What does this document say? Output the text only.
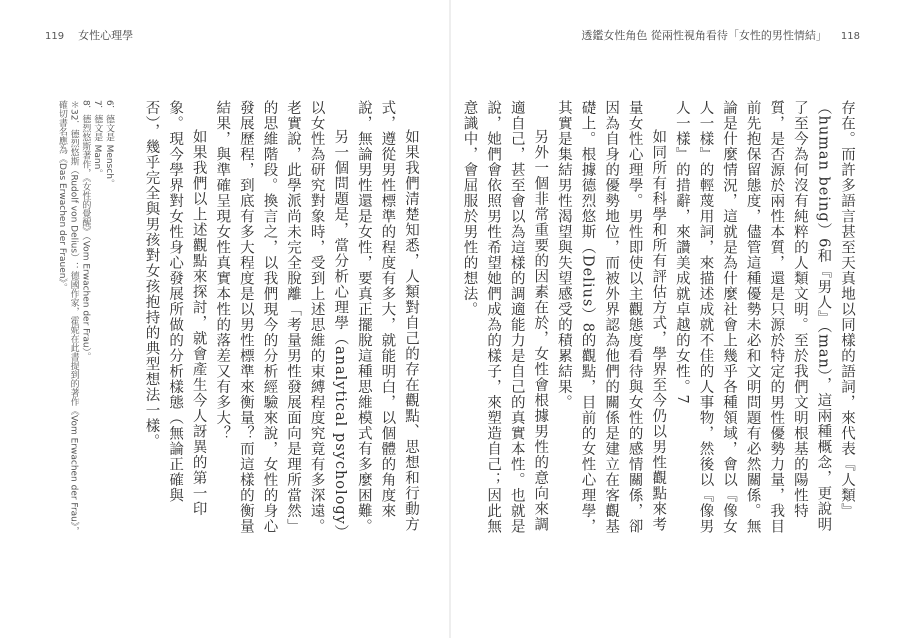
119 女性心理學	透鑑女性角色 從兩性視角看待「女性的男性情結」 118

存在。而許多語言甚至天真地以同樣的語詞，來代表『人類』（human being）6和『男人』（man），這兩種概念，更說明了至今為何沒有純粹的人類文明。至於我們文明根基的陽性特質，是否源於兩性本質，還是只源於特定的男性優勢力量，我目前先抱保留態度，儘管這種優勢未必和文明問題有必然關係。無論是什麼情況，這就是為什麼社會上幾乎各種領域，會以『像女人一樣』的輕蔑用詞，來描述成就不佳的人事物，然後以『像男人一樣』的措辭，來讚美成就卓越的女性。7

如同所有科學和所有評估方式，學界至今仍以男性觀點來考量女性心理學。男性即使以主觀態度看待與女性的感情關係，卻因為自身的優勢地位，而被外界認為他們的關係是建立在客觀基礎上。根據德烈悠斯（Delius）8的觀點，目前的女性心理學，其實是集結男性渴望與失望感受的積累結果。

另外一個非常重要的因素在於，女性會根據男性的意向來調適自己，甚至會以為這樣的調適能力是自己的真實本性。也就是說，她們會依照男性希望她們成為的樣子，來塑造自己；因此無意識中，會屈服於男性的想法。

如果我們清楚知悉，人類對自己的存在觀點、思想和行動方式，遵從男性標準的程度有多大，就能明白，以個體的角度來說，無論男性還是女性，要真正擺脫這種思維模式有多麼困難。

另一個問題是，當分析心理學（analytical psychology）以女性為研究對象時，受到上述思維的束縛程度究竟有多深遠。老實說，此學派尚未完全脫離「考量男性發展面向是理所當然」的思維階段。換言之，以我們現今的分析經驗來說，女性的身心發展歷程，到底有多大程度是以男性標準來衡量？而這樣的衡量結果，與準確呈現女性真實本性的落差又有多大？

如果我們以上述觀點來探討，就會產生今人訝異的第一印象。現今學界對女性身心發展所做的分析樣態（無論正確與否），幾乎完全與男孩對女孩抱持的典型想法一樣。

6．德文是 Mensch。
7．德文是 Mann。
8．德烈悠斯著作，《女性的覺醒》（Vom Erwachen der Frau）。
＊32．德烈悠斯（Rudolf von Delius）：德國作家，霍妮在此書提到的著作《Vom Erwachen der Frau》，確切書名應為《Das Erwachen der Frauen》。
